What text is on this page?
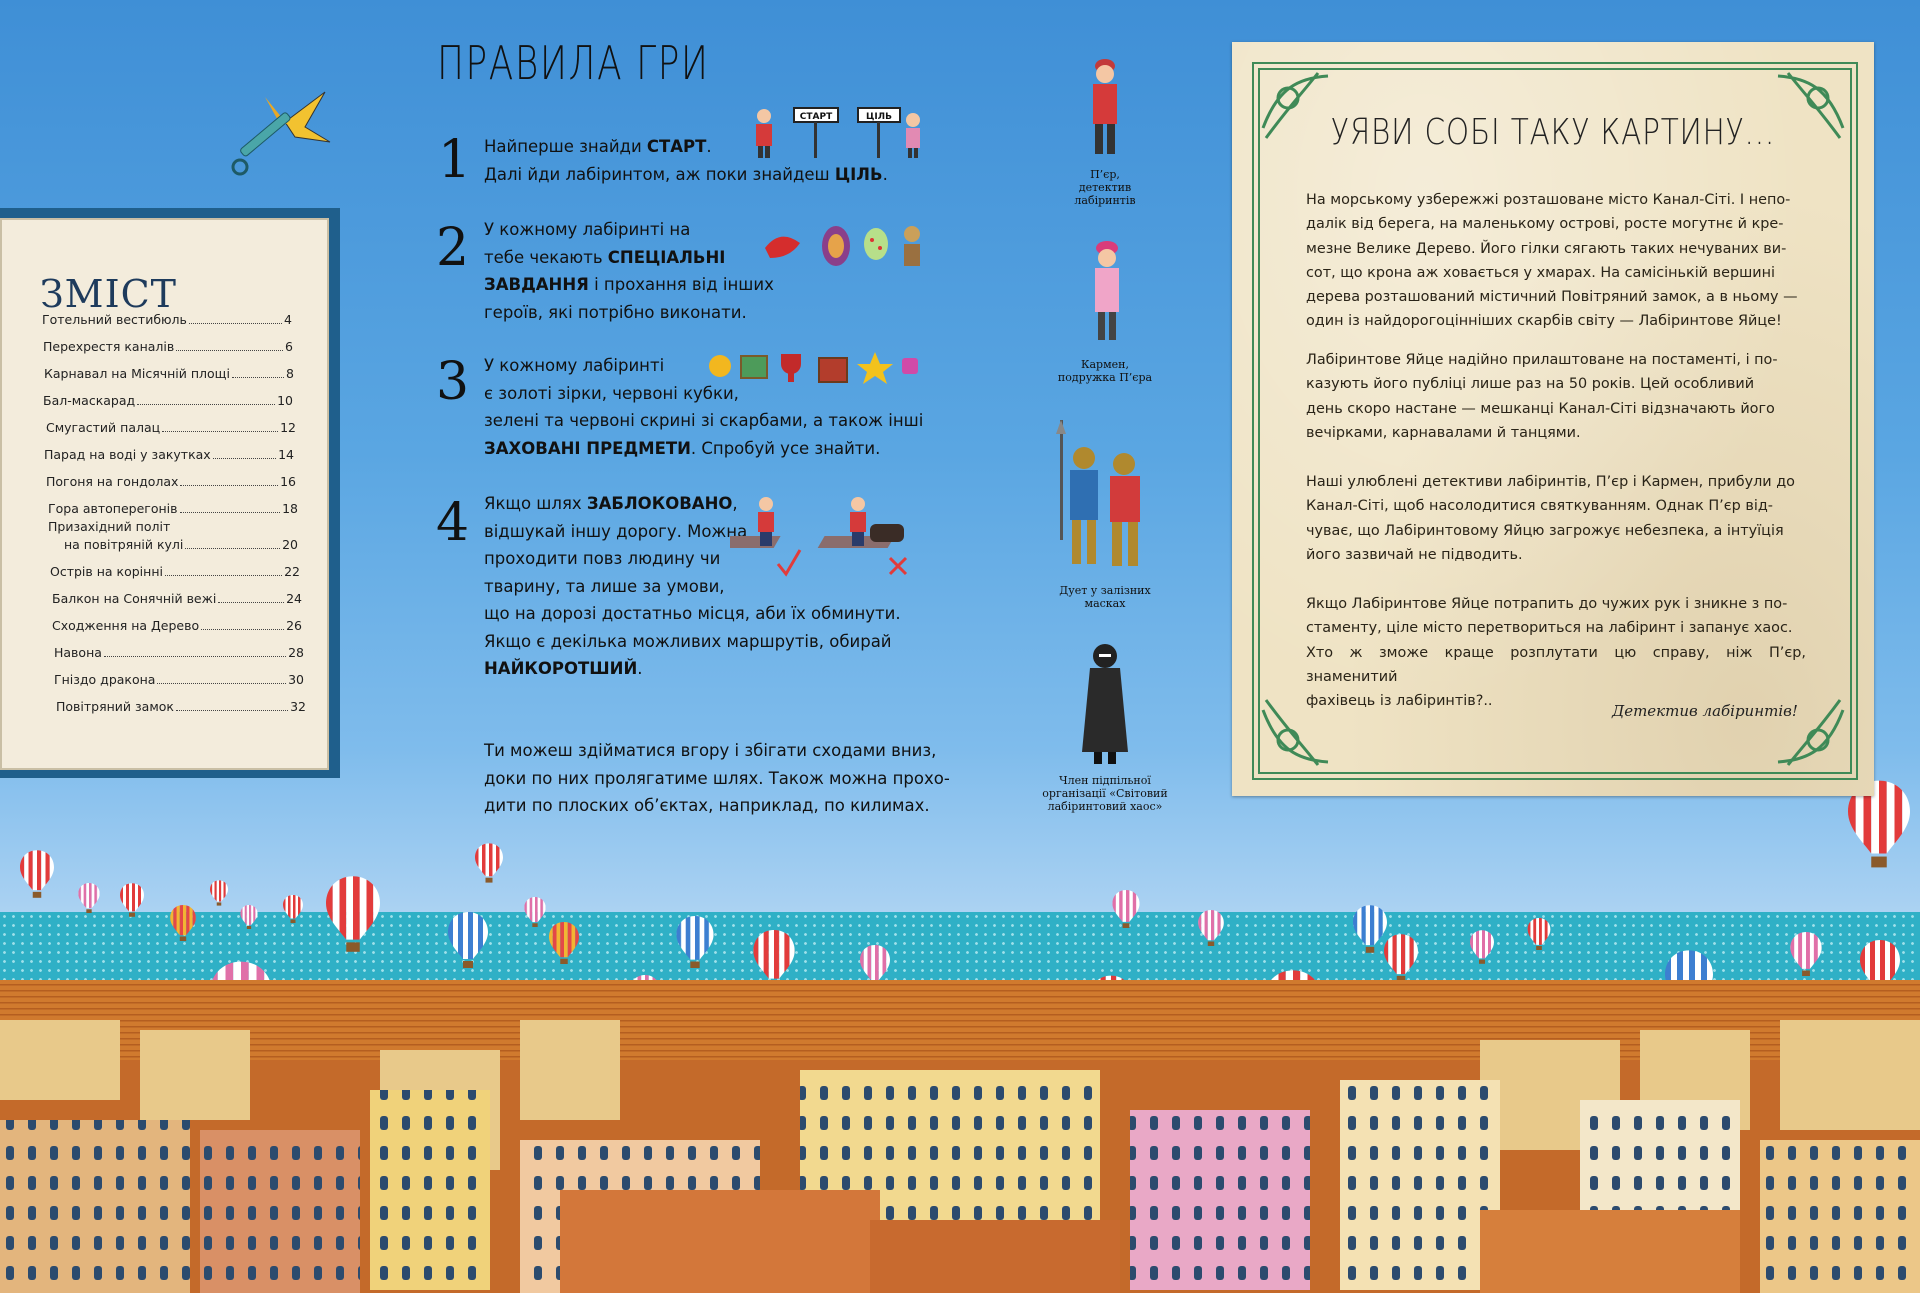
ЗМІСТ
Готельний вестибюль	4
Перехрестя каналів	6
Карнавал на Місячній площі	8
Бал-маскарад	10
Смугастий палац	12
Парад на воді у закутках	14
Погоня на гондолах	16
Гора автоперегонів	18
Призахідний політ
на повітряній кулі	20
Острів на коріннi	22
Балкон на Сонячній вежі	24
Сходження на Дерево	26
Навона	28
Гніздо дракона	30
Повітряний замок	32
ПРАВИЛА ГРИ
1 Найперше знайди СТАРТ.
Далі йди лабіринтом, аж поки знайдеш ЦІЛЬ.
2 У кожному лабіринті на
тебе чекають СПЕЦІАЛЬНІ
ЗАВДАННЯ і прохання від інших
героїв, які потрібно виконати.
3 У кожному лабіринті
є золоті зірки, червоні кубки,
зелені та червоні скрині зі скарбами, а також інші
ЗАХОВАНІ ПРЕДМЕТИ. Спробуй усе знайти.
4 Якщо шлях ЗАБЛОКОВАНО,
відшукай іншу дорогу. Можна
проходити повз людину чи
тварину, та лише за умови,
що на дорозі достатньо місця, аби їх обминути.
Якщо є декілька можливих маршрутів, обирай
НАЙКОРОТШИЙ.
Ти можеш здійматися вгору і збігати сходами вниз,
доки по них пролягатиме шлях. Також можна прохо-
дити по плоских об’єктах, наприклад, по килимах.
СТАРТ	ЦІЛЬ
П’єр,
детектив
лабіринтів
Кармен,
подружка П’єра
Дует у залізних
масках
Член підпільної
організації «Світовий
лабіринтовий хаос»
УЯВИ СОБІ ТАКУ КАРТИНУ...
На морському узбережжі розташоване місто Канал-Сіті. І непо-
далік від берега, на маленькому острові, росте могутнє й кре-
мезне Велике Дерево. Його гілки сягають таких нечуваних ви-
сот, що крона аж ховається у хмарах. На самісінькій вершині
дерева розташований містичний Повітряний замок, а в ньому —
один із найдорогоцінніших скарбів світу — Лабіринтове Яйце!
Лабіринтове Яйце надійно прилаштоване на постаменті, і по-
казують його публіці лише раз на 50 років. Цей особливий
день скоро настане — мешканці Канал-Сіті відзначають його
вечірками, карнавалами й танцями.
Наші улюблені детективи лабіринтів, П’єр і Кармен, прибули до
Канал-Сіті, щоб насолодитися святкуванням. Однак П’єр від-
чуває, що Лабіринтовому Яйцю загрожує небезпека, а інтуїція
його зазвичай не підводить.
Якщо Лабіринтове Яйце потрапить до чужих рук і зникне з по-
стаменту, ціле місто перетвориться на лабіринт і запанує хаос.
Хто ж зможе краще розплутати цю справу, ніж П’єр, знаменитий
фахівець із лабіринтів?..
Детектив лабіринтів!
